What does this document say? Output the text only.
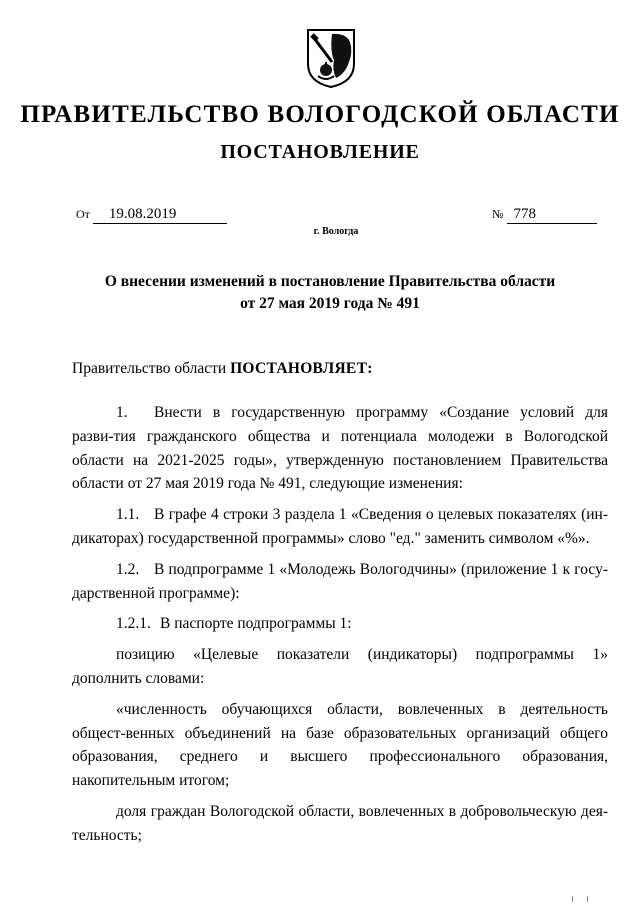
ПРАВИТЕЛЬСТВО ВОЛОГОДСКОЙ ОБЛАСТИ
ПОСТАНОВЛЕНИЕ
От 19.08.2019	№ 778
г. Вологда
О внесении изменений в постановление Правительства области
от 27 мая 2019 года № 491
Правительство области ПОСТАНОВЛЯЕТ:

1. Внести в государственную программу «Создание условий для разви-тия гражданского общества и потенциала молодежи в Вологодской области на 2021-2025 годы», утвержденную постановлением Правительства области от 27 мая 2019 года № 491, следующие изменения:

1.1. В графе 4 строки 3 раздела 1 «Сведения о целевых показателях (ин-дикаторах) государственной программы» слово "ед." заменить символом «%».

1.2. В подпрограмме 1 «Молодежь Вологодчины» (приложение 1 к госу-дарственной программе):

1.2.1. В паспорте подпрограммы 1:

позицию «Целевые показатели (индикаторы) подпрограммы 1» дополнить словами:

«численность обучающихся области, вовлеченных в деятельность общест-венных объединений на базе образовательных организаций общего образования, среднего и высшего профессионального образования, накопительным итогом;

доля граждан Вологодской области, вовлеченных в добровольческую дея-тельность;
